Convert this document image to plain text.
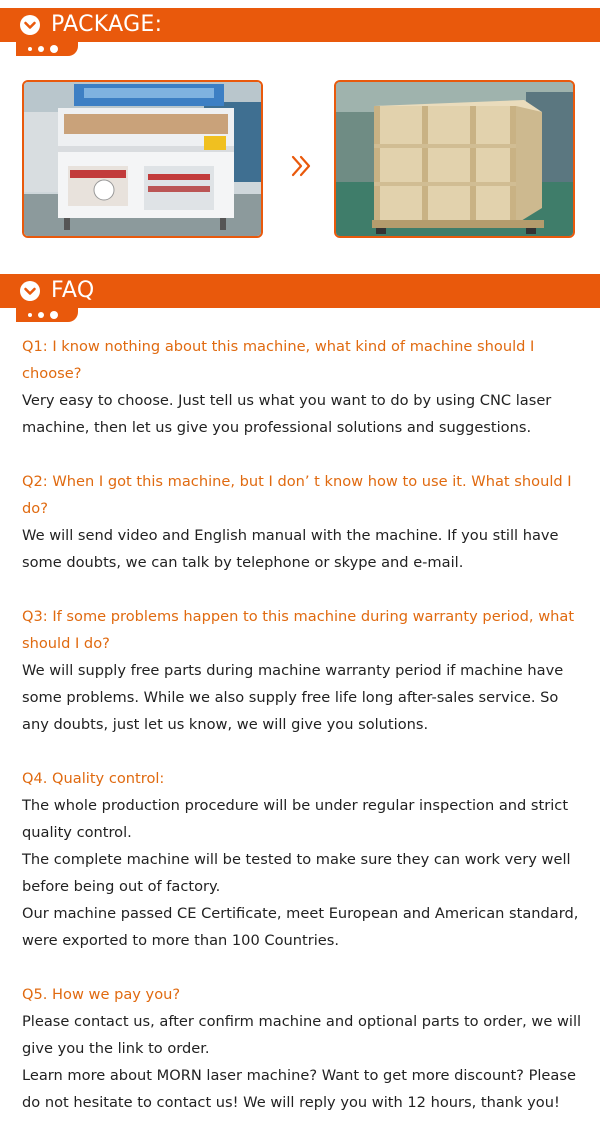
PACKAGE:
FAQ
Q1: I know nothing about this machine, what kind of machine should I choose?
Very easy to choose. Just tell us what you want to do by using CNC laser machine, then let us give you professional solutions and suggestions.
Q2: When I got this machine, but I don’ t know how to use it. What should I do?
We will send video and English manual with the machine. If you still have some doubts, we can talk by telephone or skype and e-mail.
Q3: If some problems happen to this machine during warranty period, what should I do?
We will supply free parts during machine warranty period if machine have some problems. While we also supply free life long after-sales service. So any doubts, just let us know, we will give you solutions.
Q4. Quality control:
The whole production procedure will be under regular inspection and strict quality control.
The complete machine will be tested to make sure they can work very well before being out of factory.
Our machine passed CE Certificate, meet European and American standard, were exported to more than 100 Countries.
Q5. How we pay you?
Please contact us, after confirm machine and optional parts to order, we will give you the link to order.
Learn more about MORN laser machine? Want to get more discount? Please do not hesitate to contact us! We will reply you with 12 hours, thank you!
